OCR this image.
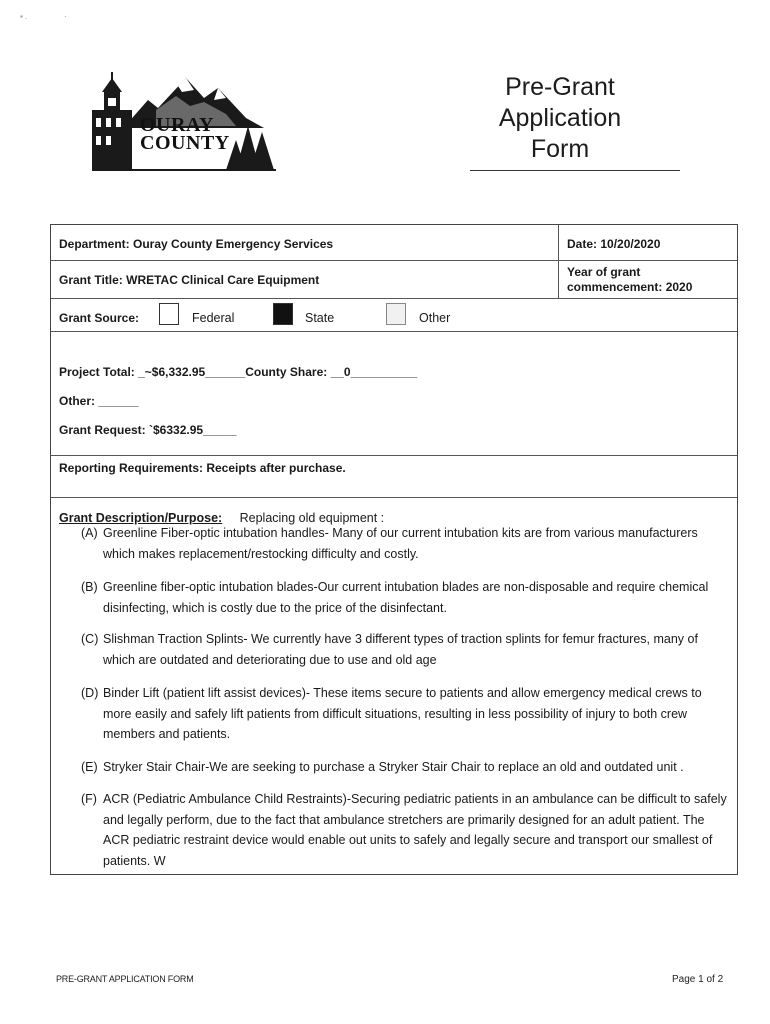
▪ .	·
OURAY
COUNTY
Pre-Grant
Application
Form
Department: Ouray County Emergency Services	Date: 10/20/2020
Grant Title: WRETAC Clinical Care Equipment
Year of grant
commencement: 2020
Grant Source:	Federal	State	Other
Project Total: _~$6,332.95______County Share: __0__________
Other: ______
Grant Request: `$6332.95_____
Reporting Requirements: Receipts after purchase.
Grant Description/Purpose: Replacing old equipment :
(A) Greenline Fiber-optic intubation handles- Many of our current intubation kits are from various manufacturers which makes replacement/restocking difficulty and costly.
(B) Greenline fiber-optic intubation blades-Our current intubation blades are non-disposable and require chemical disinfecting, which is costly due to the price of the disinfectant.
(C) Slishman Traction Splints- We currently have 3 different types of traction splints for femur fractures, many of which are outdated and deteriorating due to use and old age
(D) Binder Lift (patient lift assist devices)- These items secure to patients and allow emergency medical crews to more easily and safely lift patients from difficult situations, resulting in less possibility of injury to both crew members and patients.
(E) Stryker Stair Chair-We are seeking to purchase a Stryker Stair Chair to replace an old and outdated unit .
(F) ACR (Pediatric Ambulance Child Restraints)-Securing pediatric patients in an ambulance can be difficult to safely and legally perform, due to the fact that ambulance stretchers are primarily designed for an adult patient. The ACR pediatric restraint device would enable out units to safely and legally secure and transport our smallest of patients. W
PRE-GRANT APPLICATION FORM	Page 1 of 2
